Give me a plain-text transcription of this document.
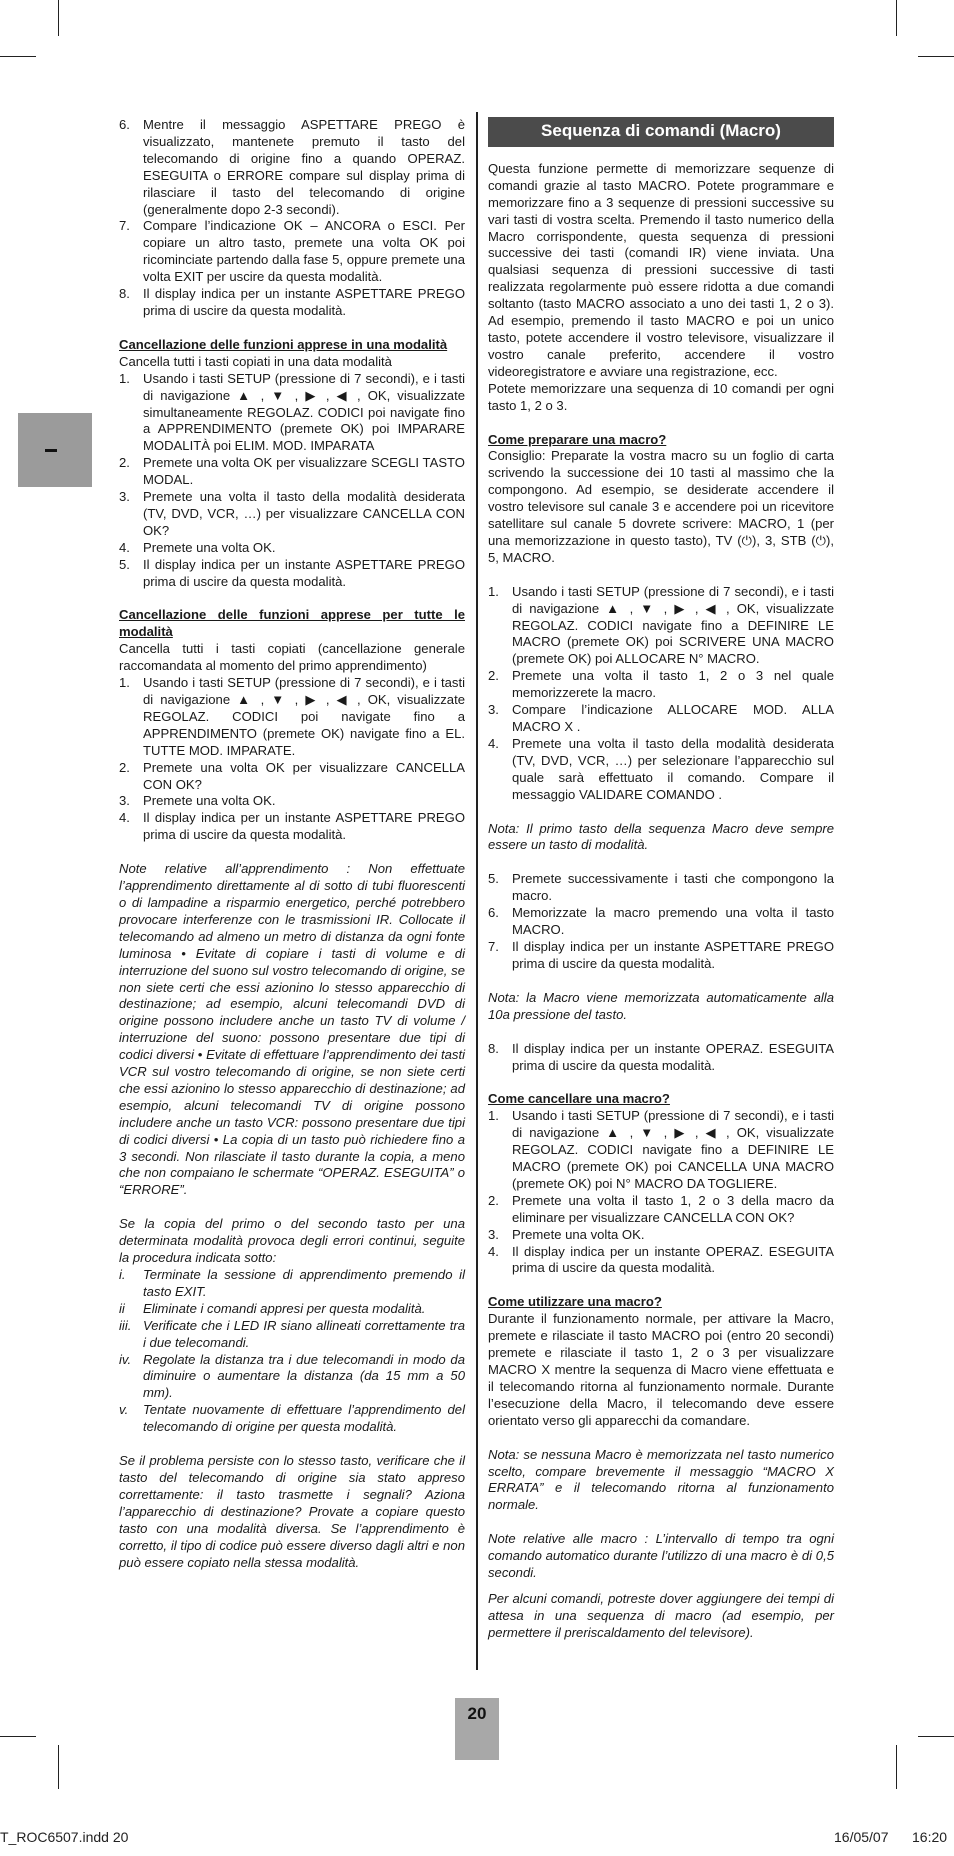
6. Mentre il messaggio ASPETTARE PREGO è visualizzato, mantenete premuto il tasto del telecomando di origine fino a quando OPERAZ. ESEGUITA o ERRORE compare sul display prima di rilasciare il tasto del telecomando di origine (generalmente dopo 2-3 secondi).
7. Compare l’indicazione OK – ANCORA o ESCI. Per copiare un altro tasto, premete una volta OK poi ricominciate partendo dalla fase 5, oppure premete una volta EXIT per uscire da questa modalità.
8. Il display indica per un instante ASPETTARE PREGO prima di uscire da questa modalità.

Cancellazione delle funzioni apprese in una modalità

Cancella tutti i tasti copiati in una data modalità

1. Usando i tasti SETUP (pressione di 7 secondi), e i tasti di navigazione ▲ , ▼ , ▶ , ◀ , OK, visualizzate simultaneamente REGOLAZ. CODICI poi navigate fino a APPRENDIMENTO (premete OK) poi IMPARARE MODALITÀ poi ELIM. MOD. IMPARATA
2. Premete una volta OK per visualizzare SCEGLI TASTO MODAL.
3. Premete una volta il tasto della modalità desiderata (TV, DVD, VCR, …) per visualizzare CANCELLA CON OK?
4. Premete una volta OK.
5. Il display indica per un instante ASPETTARE PREGO prima di uscire da questa modalità.

Cancellazione delle funzioni apprese per tutte le modalità

Cancella tutti i tasti copiati (cancellazione generale raccomandata al momento del primo apprendimento)

1. Usando i tasti SETUP (pressione di 7 secondi), e i tasti di navigazione ▲ , ▼ , ▶ , ◀ , OK, visualizzate REGOLAZ. CODICI poi navigate fino a APPRENDIMENTO (premete OK) navigate fino a EL. TUTTE MOD. IMPARATE.
2. Premete una volta OK per visualizzare CANCELLA CON OK?
3. Premete una volta OK.
4. Il display indica per un instante ASPETTARE PREGO prima di uscire da questa modalità.

Note relative all’apprendimento : Non effettuate l’apprendimento direttamente al di sotto di tubi fluorescenti o di lampadine a risparmio energetico, perché potrebbero provocare interferenze con le trasmissioni IR. Collocate il telecomando ad almeno un metro di distanza da ogni fonte luminosa • Evitate di copiare i tasti di volume e di interruzione del suono sul vostro telecomando di origine, se non siete certi che essi azionino lo stesso apparecchio di destinazione; ad esempio, alcuni telecomandi DVD di origine possono includere anche un tasto TV di volume / interruzione del suono: possono presentare due tipi di codici diversi • Evitate di effettuare l’apprendimento dei tasti VCR sul vostro telecomando di origine, se non siete certi che essi azionino lo stesso apparecchio di destinazione; ad esempio, alcuni telecomandi TV di origine possono includere anche un tasto VCR: possono presentare due tipi di codici diversi • La copia di un tasto può richiedere fino a 3 secondi. Non rilasciate il tasto durante la copia, a meno che non compaiano le schermate “OPERAZ. ESEGUITA” o “ERRORE”.

Se la copia del primo o del secondo tasto per una determinata modalità provoca degli errori continui, seguite la procedura indicata sotto:

i. Terminate la sessione di apprendimento premendo il tasto EXIT.
ii Eliminate i comandi appresi per questa modalità.
iii. Verificate che i LED IR siano allineati correttamente tra i due telecomandi.
iv. Regolate la distanza tra i due telecomandi in modo da diminuire o aumentare la distanza (da 15 mm a 50 mm).
v. Tentate nuovamente di effettuare l’apprendimento del telecomando di origine per questa modalità.

Se il problema persiste con lo stesso tasto, verificare che il tasto del telecomando di origine sia stato appreso correttamente: il tasto trasmette i segnali? Aziona l’apparecchio di destinazione? Provate a copiare questo tasto con una modalità diversa. Se l’apprendimento è corretto, il tipo di codice può essere diverso dagli altri e non può essere copiato nella stessa modalità.

Sequenza di comandi (Macro)

Questa funzione permette di memorizzare sequenze di comandi grazie al tasto MACRO. Potete programmare e memorizzare fino a 3 sequenze di pressioni successive su vari tasti di vostra scelta. Premendo il tasto numerico della Macro corrispondente, questa sequenza di pressioni successive dei tasti (comandi IR) viene inviata. Una qualsiasi sequenza di pressioni successive di tasti realizzata regolarmente può essere ridotta a due comandi soltanto (tasto MACRO associato a uno dei tasti 1, 2 o 3). Ad esempio, premendo il tasto MACRO e poi un unico tasto, potete accendere il vostro televisore, visualizzare il vostro canale preferito, accendere il vostro videoregistratore e avviare una registrazione, ecc.

Potete memorizzare una sequenza di 10 comandi per ogni tasto 1, 2 o 3.

Come preparare una macro?

Consiglio: Preparate la vostra macro su un foglio di carta scrivendo la successione dei 10 tasti al massimo che la compongono. Ad esempio, se desiderate accendere il vostro televisore sul canale 3 e accendere poi un ricevitore satellitare sul canale 5 dovrete scrivere: MACRO, 1 (per una memorizzazione in questo tasto), TV (⏻), 3, STB (⏻), 5, MACRO.

1. Usando i tasti SETUP (pressione di 7 secondi), e i tasti di navigazione ▲ , ▼ , ▶ , ◀ , OK, visualizzate REGOLAZ. CODICI navigate fino a DEFINIRE LE MACRO (premete OK) poi SCRIVERE UNA MACRO (premete OK) poi ALLOCARE N° MACRO.
2. Premete una volta il tasto 1, 2 o 3 nel quale memorizzerete la macro.
3. Compare l’indicazione ALLOCARE MOD. ALLA MACRO X .
4. Premete una volta il tasto della modalità desiderata (TV, DVD, VCR, …) per selezionare l’apparecchio sul quale sarà effettuato il comando. Compare il messaggio VALIDARE COMANDO .

Nota: Il primo tasto della sequenza Macro deve sempre essere un tasto di modalità.

5. Premete successivamente i tasti che compongono la macro.
6. Memorizzate la macro premendo una volta il tasto MACRO.
7. Il display indica per un instante ASPETTARE PREGO prima di uscire da questa modalità.

Nota: la Macro viene memorizzata automaticamente alla 10a pressione del tasto.

8. Il display indica per un instante OPERAZ. ESEGUITA prima di uscire da questa modalità.

Come cancellare una macro?

1. Usando i tasti SETUP (pressione di 7 secondi), e i tasti di navigazione ▲ , ▼ , ▶ , ◀ , OK, visualizzate REGOLAZ. CODICI navigate fino a DEFINIRE LE MACRO (premete OK) poi CANCELLA UNA MACRO (premete OK) poi N° MACRO DA TOGLIERE.
2. Premete una volta il tasto 1, 2 o 3 della macro da eliminare per visualizzare CANCELLA CON OK?
3. Premete una volta OK.
4. Il display indica per un instante OPERAZ. ESEGUITA prima di uscire da questa modalità.

Come utilizzare una macro?

Durante il funzionamento normale, per attivare la Macro, premete e rilasciate il tasto MACRO poi (entro 20 secondi) premete e rilasciate il tasto 1, 2 o 3 per visualizzare MACRO X mentre la sequenza di Macro viene effettuata e il telecomando ritorna al funzionamento normale. Durante l’esecuzione della Macro, il telecomando deve essere orientato verso gli apparecchi da comandare.

Nota: se nessuna Macro è memorizzata nel tasto numerico scelto, compare brevemente il messaggio “MACRO X ERRATA” e il telecomando ritorna al funzionamento normale.

Note relative alle macro : L’intervallo di tempo tra ogni comando automatico durante l’utilizzo di una macro è di 0,5 secondi.

Per alcuni comandi, potreste dover aggiungere dei tempi di attesa in una sequenza di macro (ad esempio, per permettere il preriscaldamento del televisore).

20
T_ROC6507.indd 20	16/05/07 16:20
